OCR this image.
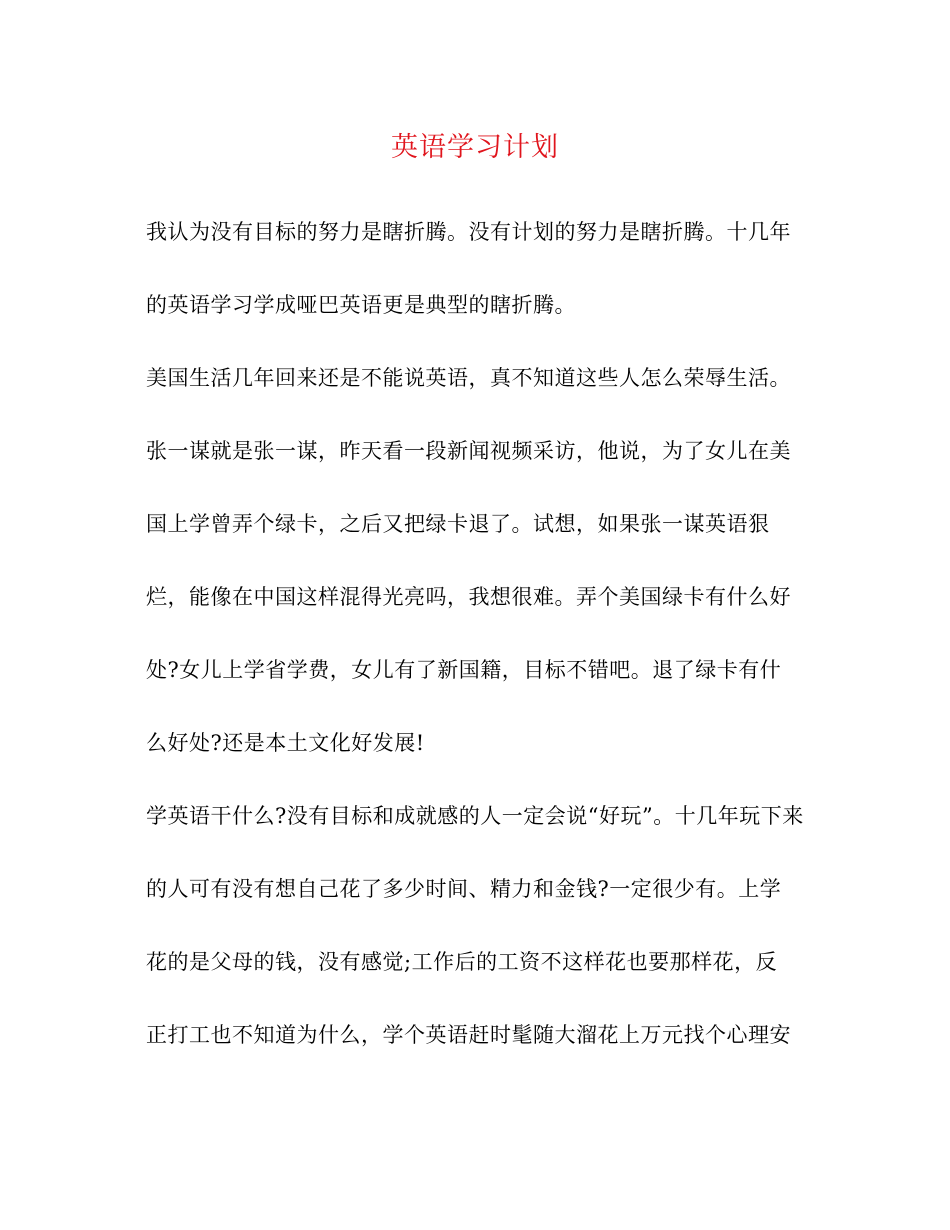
英语学习计划
我认为没有目标的努力是瞎折腾。没有计划的努力是瞎折腾。十几年
的英语学习学成哑巴英语更是典型的瞎折腾。
美国生活几年回来还是不能说英语，真不知道这些人怎么荣辱生活。
张一谋就是张一谋，昨天看一段新闻视频采访，他说，为了女儿在美
国上学曾弄个绿卡，之后又把绿卡退了。试想，如果张一谋英语狠
烂，能像在中国这样混得光亮吗，我想很难。弄个美国绿卡有什么好
处?女儿上学省学费，女儿有了新国籍，目标不错吧。退了绿卡有什
么好处?还是本土文化好发展!
学英语干什么?没有目标和成就感的人一定会说“好玩”。十几年玩下来
的人可有没有想自己花了多少时间、精力和金钱?一定很少有。上学
花的是父母的钱，没有感觉;工作后的工资不这样花也要那样花，反
正打工也不知道为什么，学个英语赶时髦随大溜花上万元找个心理安
